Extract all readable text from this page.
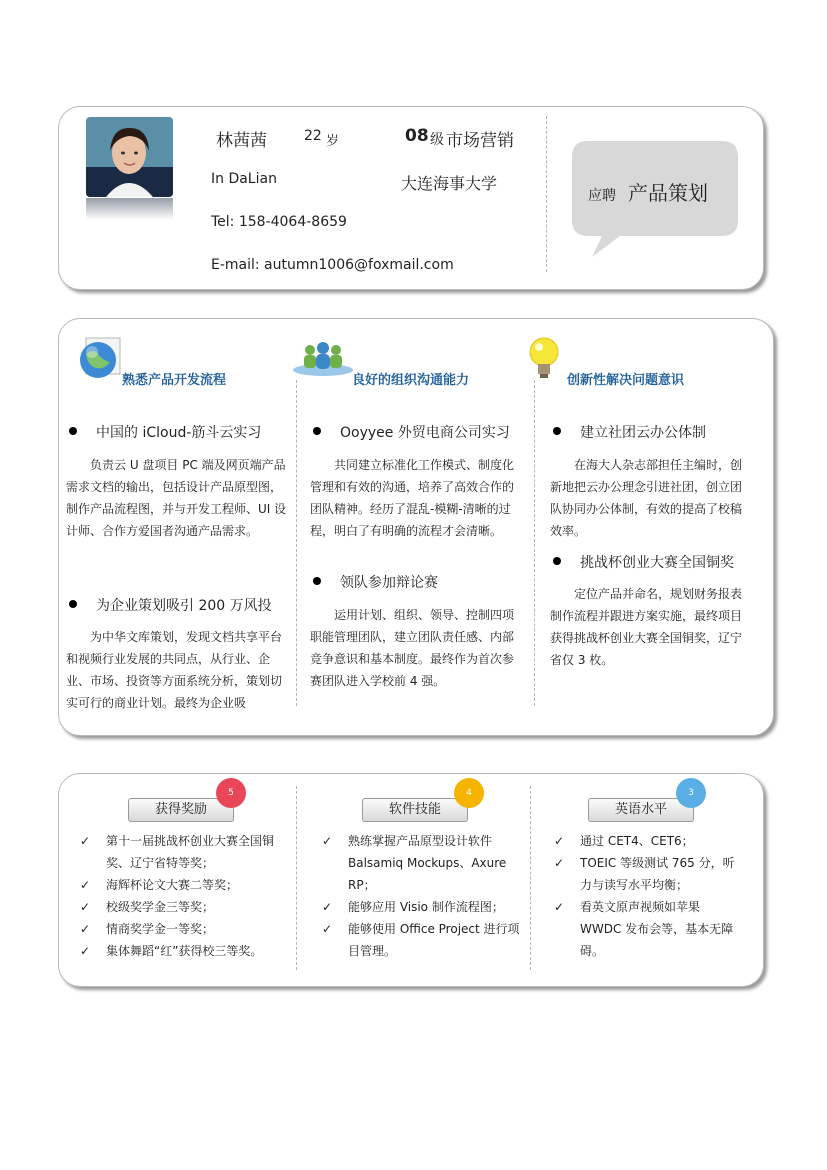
林茜茜	22 岁	08 级 市场营销
In DaLian	大连海事大学
Tel: 158-4064-8659
E-mail: autumn1006@foxmail.com
应聘 产品策划
熟悉产品开发流程	良好的组织沟通能力	创新性解决问题意识
中国的 iCloud-筋斗云实习
负责云 U 盘项目 PC 端及网页端产品需求文档的输出，包括设计产品原型图，制作产品流程图，并与开发工程师、UI 设计师、合作方爱国者沟通产品需求。
为企业策划吸引 200 万风投
为中华文库策划，发现文档共享平台和视频行业发展的共同点，从行业、企业、市场、投资等方面系统分析，策划切实可行的商业计划。最终为企业吸
Ooyyee 外贸电商公司实习
共同建立标准化工作模式、制度化管理和有效的沟通，培养了高效合作的团队精神。经历了混乱-模糊-清晰的过程，明白了有明确的流程才会清晰。
领队参加辩论赛
运用计划、组织、领导、控制四项职能管理团队，建立团队责任感、内部竞争意识和基本制度。最终作为首次参赛团队进入学校前 4 强。
建立社团云办公体制
在海大人杂志部担任主编时，创新地把云办公理念引进社团，创立团队协同办公体制，有效的提高了校稿效率。
挑战杯创业大赛全国铜奖
定位产品并命名，规划财务报表制作流程并跟进方案实施，最终项目获得挑战杯创业大赛全国铜奖，辽宁省仅 3 枚。
获得奖励
5
软件技能
4
英语水平
3
✓ 第十一届挑战杯创业大赛全国铜奖、辽宁省特等奖；
✓ 海辉杯论文大赛二等奖；
✓ 校级奖学金三等奖；
✓ 情商奖学金一等奖；
✓ 集体舞蹈“红”获得校三等奖。
✓ 熟练掌握产品原型设计软件 Balsamiq Mockups、Axure RP；
✓ 能够应用 Visio 制作流程图；
✓ 能够使用 Office Project 进行项目管理。
✓ 通过 CET4、CET6；
✓ TOEIC 等级测试 765 分，听力与读写水平均衡；
✓ 看英文原声视频如苹果 WWDC 发布会等，基本无障碍。
